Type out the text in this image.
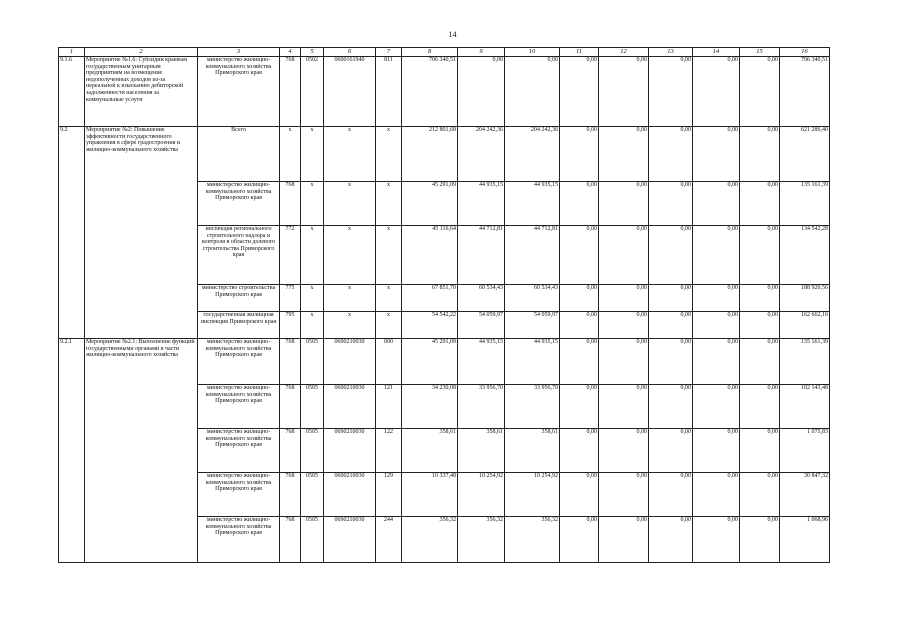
14
1	2	3	4	5	6	7	8	9	10	11	12	13	14	15	16
9.1.6	Мероприятие №1.6: Субсидии краевым государственным унитарным предприятиям на возмещение недополученных доходов из-за нереальной к взысканию дебиторской задолженности населения за коммунальные услуги	министерство жилищно-коммунального хозяйства Приморского края	768	0502	0690161940	811	706 340,51	0,00	0,00	0,00	0,00	0,00	0,00	0,00	706 340,51
9.2	Мероприятие №2: Повышение эффективности государственного управления в сфере градостроения и жилищно-коммунального хозяйства	Всего	x	x	x	x	212 801,68	204 242,36	204 242,36	0,00	0,00	0,00	0,00	0,00	621 286,40
		министерство жилищно-коммунального хозяйства Приморского края	768	x	x	x	45 291,09	44 935,15	44 935,15	0,00	0,00	0,00	0,00	0,00	135 161,39
		инспекция регионального строительного надзора и контроля в области долевого строительства Приморского края	772	x	x	x	45 116,64	44 712,81	44 712,81	0,00	0,00	0,00	0,00	0,00	134 542,28
		министерство строительства Приморского края	775	x	x	x	67 851,70	60 534,43	60 534,43	0,00	0,00	0,00	0,00	0,00	188 920,56
		государственная жилищная инспекция Приморского края	795	x	x	x	54 542,22	54 059,97	54 059,97	0,00	0,00	0,00	0,00	0,00	162 662,16
9.2.1	Мероприятие №2.1: Выполнение функций государственными органами в части жилищно-коммунального хозяйства	министерство жилищно-коммунального хозяйства Приморского края	768	0505	0690210030	000	45 291,09	44 935,15	44 935,15	0,00	0,00	0,00	0,00	0,00	135 161,39
		министерство жилищно-коммунального хозяйства Приморского края	768	0505	0690210030	121	34 230,08	33 956,70	33 956,70	0,00	0,00	0,00	0,00	0,00	102 143,48
		министерство жилищно-коммунального хозяйства Приморского края	768	0505	0690210030	122	358,61	358,61	358,61	0,00	0,00	0,00	0,00	0,00	1 075,83
		министерство жилищно-коммунального хозяйства Приморского края	768	0505	0690210030	129	10 337,48	10 254,92	10 254,92	0,00	0,00	0,00	0,00	0,00	30 847,32
		министерство жилищно-коммунального хозяйства Приморского края	768	0505	0690210030	244	356,32	356,32	356,32	0,00	0,00	0,00	0,00	0,00	1 068,96
